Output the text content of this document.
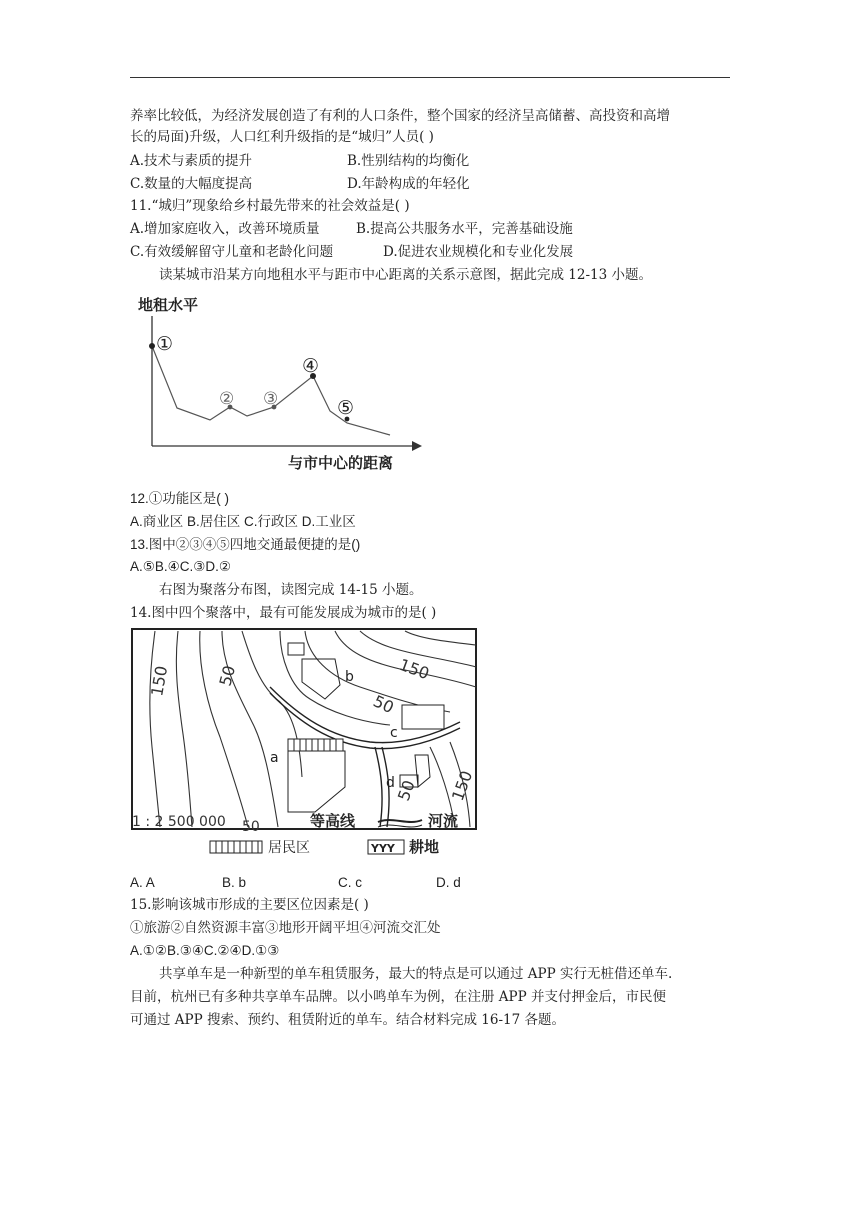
养率比较低，为经济发展创造了有利的人口条件，整个国家的经济呈高储蓄、高投资和高增
长的局面)升级，人口红利升级指的是“城归”人员( )
A.技术与素质的提升	B.性别结构的均衡化
C.数量的大幅度提高	D.年龄构成的年轻化
11.“城归”现象给乡村最先带来的社会效益是( )
A.增加家庭收入，改善环境质量	B.提高公共服务水平，完善基础设施
C.有效缓解留守儿童和老龄化问题	D.促进农业规模化和专业化发展
读某城市沿某方向地租水平与距市中心距离的关系示意图，据此完成 12-13 小题。
地租水平
①
② ③
④
⑤
与市中心的距离
12.①功能区是( )
A.商业区 B.居住区 C.行政区 D.工业区
13.图中②③④⑤四地交通最便捷的是()
A.⑤B.④C.③D.②
右图为聚落分布图，读图完成 14-15 小题。
14.图中四个聚落中，最有可能发展成为城市的是( )
150	50	150
50
50 150
a
b
c
d
1 : 2 500 000 50	等高线	河流
居民区	YYY 耕地
A. A	B. b	C. c	D. d
15.影响该城市形成的主要区位因素是( )
①旅游②自然资源丰富③地形开阔平坦④河流交汇处
A.①②B.③④C.②④D.①③
共享单车是一种新型的单车租赁服务，最大的特点是可以通过 APP 实行无桩借还单车.
目前，杭州已有多种共享单车品牌。以小鸣单车为例，在注册 APP 并支付押金后，市民便
可通过 APP 搜索、预约、租赁附近的单车。结合材料完成 16-17 各题。
